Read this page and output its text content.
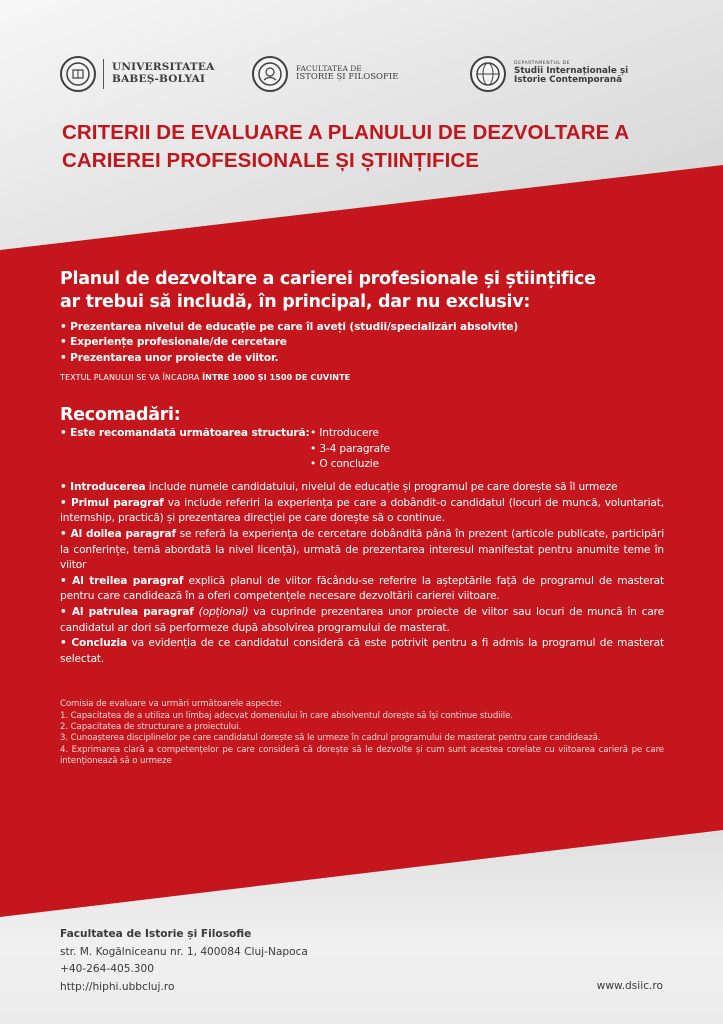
UNIVERSITATEA
BABEȘ-BOLYAI
FACULTATEA DE
ISTORIE ȘI FILOSOFIE
DEPARTAMENTUL DE
Studii Internaționale și
Istorie Contemporană
CRITERII DE EVALUARE A PLANULUI DE DEZVOLTARE A
CARIEREI PROFESIONALE ȘI ȘTIINȚIFICE
Planul de dezvoltare a carierei profesionale și științifice
ar trebui să includă, în principal, dar nu exclusiv:
• Prezentarea nivelui de educație pe care îl aveți (studii/specializări absolvite)
• Experiențe profesionale/de cercetare
• Prezentarea unor proiecte de viitor.
TEXTUL PLANULUI SE VA ÎNCADRA ÎNTRE 1000 ȘI 1500 DE CUVINTE
Recomadări:
• Este recomandată următoarea structură: • Introducere
• 3-4 paragrafe
• O concluzie

• Introducerea include numele candidatului, nivelul de educație și programul pe care dorește să îl urmeze

• Primul paragraf va include referiri la experiența pe care a dobândit-o candidatul (locuri de muncă, voluntariat, internship, practică) și prezentarea direcției pe care dorește să o continue.

• Al doilea paragraf se referă la experiența de cercetare dobândită până în prezent (articole publicate, participări la conferințe, temă abordată la nivel licență), urmată de prezentarea interesul manifestat pentru anumite teme în viitor

• Al treilea paragraf explică planul de viitor făcându-se referire la așteptările față de programul de masterat pentru care candidează în a oferi competențele necesare dezvoltării carierei viitoare.

• Al patrulea paragraf (opțional) va cuprinde prezentarea unor proiecte de viitor sau locuri de muncă în care candidatul ar dori să performeze după absolvirea programului de masterat.

• Concluzia va evidenția de ce candidatul consideră că este potrivit pentru a fi admis la programul de masterat selectat.

Comisia de evaluare va urmări următoarele aspecte:
1. Capacitatea de a utiliza un limbaj adecvat domeniului în care absolventul dorește să își continue studiile.
2. Capacitatea de structurare a proiectului.
3. Cunoașterea disciplinelor pe care candidatul dorește să le urmeze în cadrul programului de masterat pentru care candidează.
4. Exprimarea clară a competențelor pe care consideră că dorește să le dezvolte și cum sunt acestea corelate cu viitoarea carieră pe care intenționează să o urmeze
Facultatea de Istorie și Filosofie
str. M. Kogălniceanu nr. 1, 400084 Cluj-Napoca
+40-264-405.300
http://hiphi.ubbcluj.ro	www.dsiic.ro
